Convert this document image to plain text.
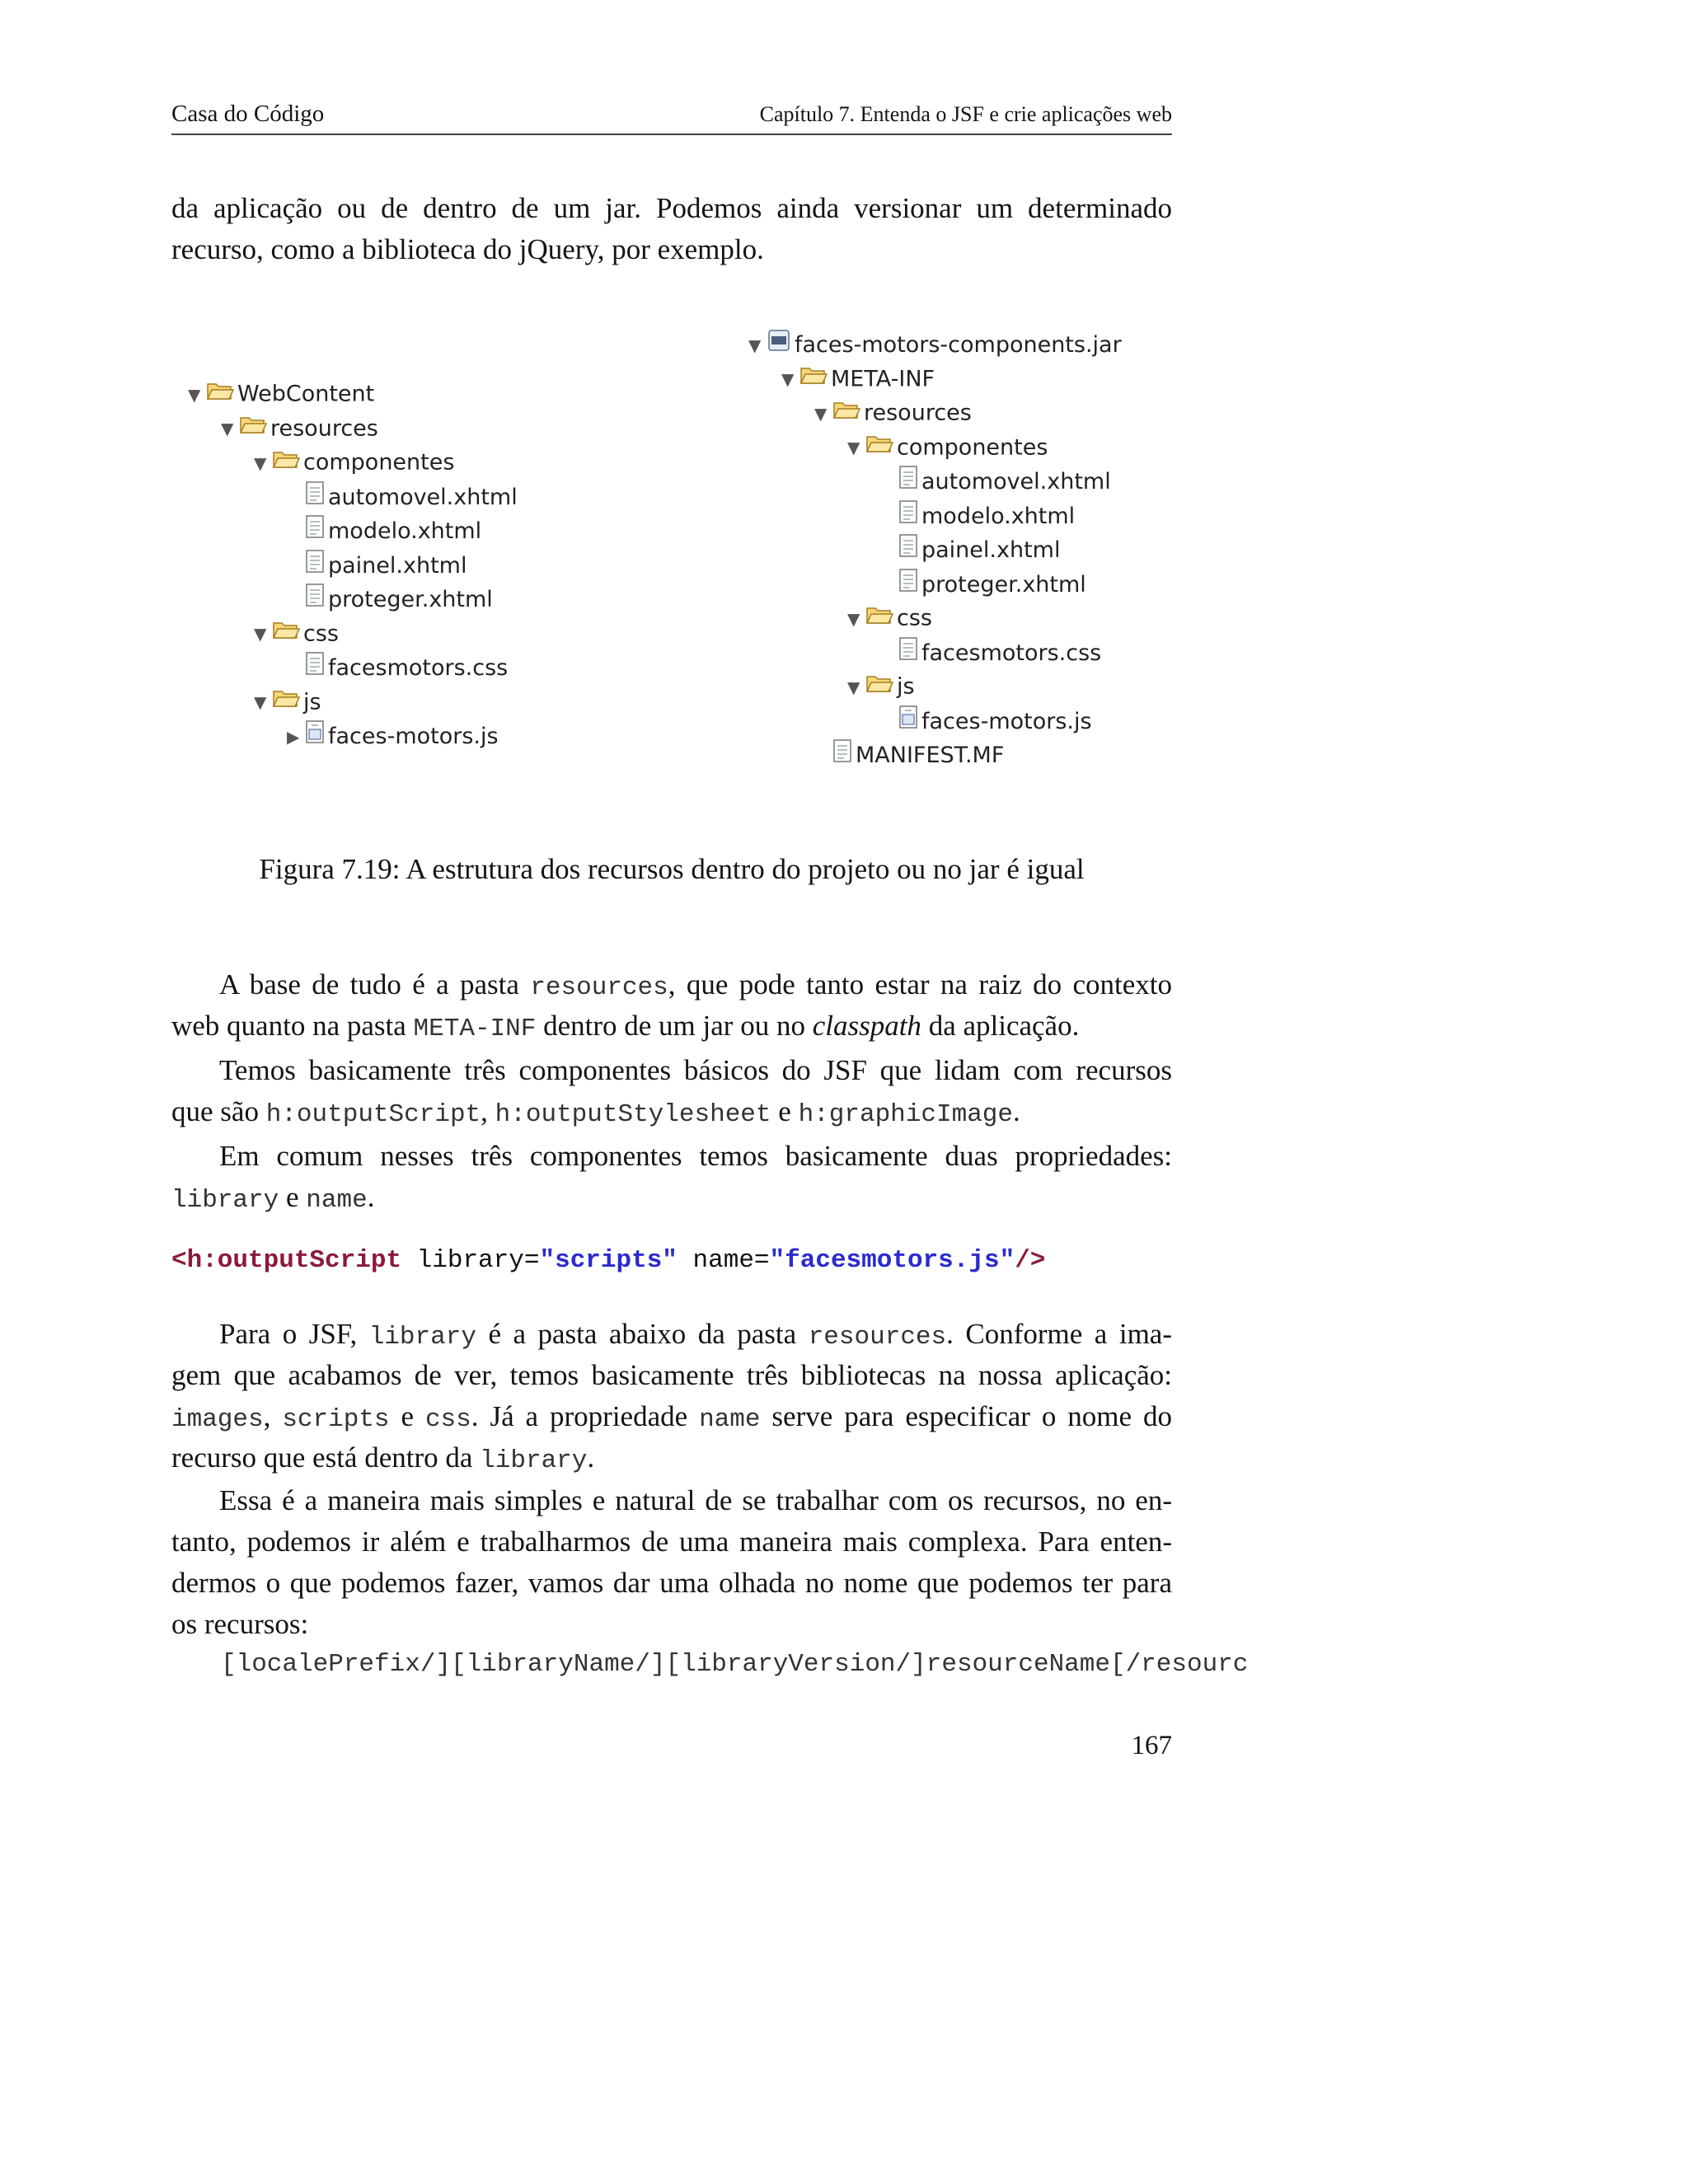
Casa do Código	Capítulo 7. Entenda o JSF e crie aplicações web
da aplicação ou de dentro de um jar. Podemos ainda versionar um determinado
recurso, como a biblioteca do jQuery, por exemplo.
▼ WebContent
▼ resources
▼ componentes
automovel.xhtml
modelo.xhtml
painel.xhtml
proteger.xhtml
▼ css
facesmotors.css
▼ js
▶ faces-motors.js
▼ faces-motors-components.jar
▼ META-INF
▼ resources
▼ componentes
automovel.xhtml
modelo.xhtml
painel.xhtml
proteger.xhtml
▼ css
facesmotors.css
▼ js
faces-motors.js
MANIFEST.MF
Figura 7.19: A estrutura dos recursos dentro do projeto ou no jar é igual
A base de tudo é a pasta resources, que pode tanto estar na raiz do contexto
web quanto na pasta META-INF dentro de um jar ou no classpath da aplicação.
Temos basicamente três componentes básicos do JSF que lidam com recursos
que são h:outputScript, h:outputStylesheet e h:graphicImage.
Em comum nesses três componentes temos basicamente duas propriedades:
library e name.
<h:outputScript library="scripts" name="facesmotors.js"/>
Para o JSF, library é a pasta abaixo da pasta resources. Conforme a ima-
gem que acabamos de ver, temos basicamente três bibliotecas na nossa aplicação:
images, scripts e css. Já a propriedade name serve para especificar o nome do
recurso que está dentro da library.
Essa é a maneira mais simples e natural de se trabalhar com os recursos, no en-
tanto, podemos ir além e trabalharmos de uma maneira mais complexa. Para enten-
dermos o que podemos fazer, vamos dar uma olhada no nome que podemos ter para
os recursos:
[localePrefix/][libraryName/][libraryVersion/]resourceName[/resourc
167
